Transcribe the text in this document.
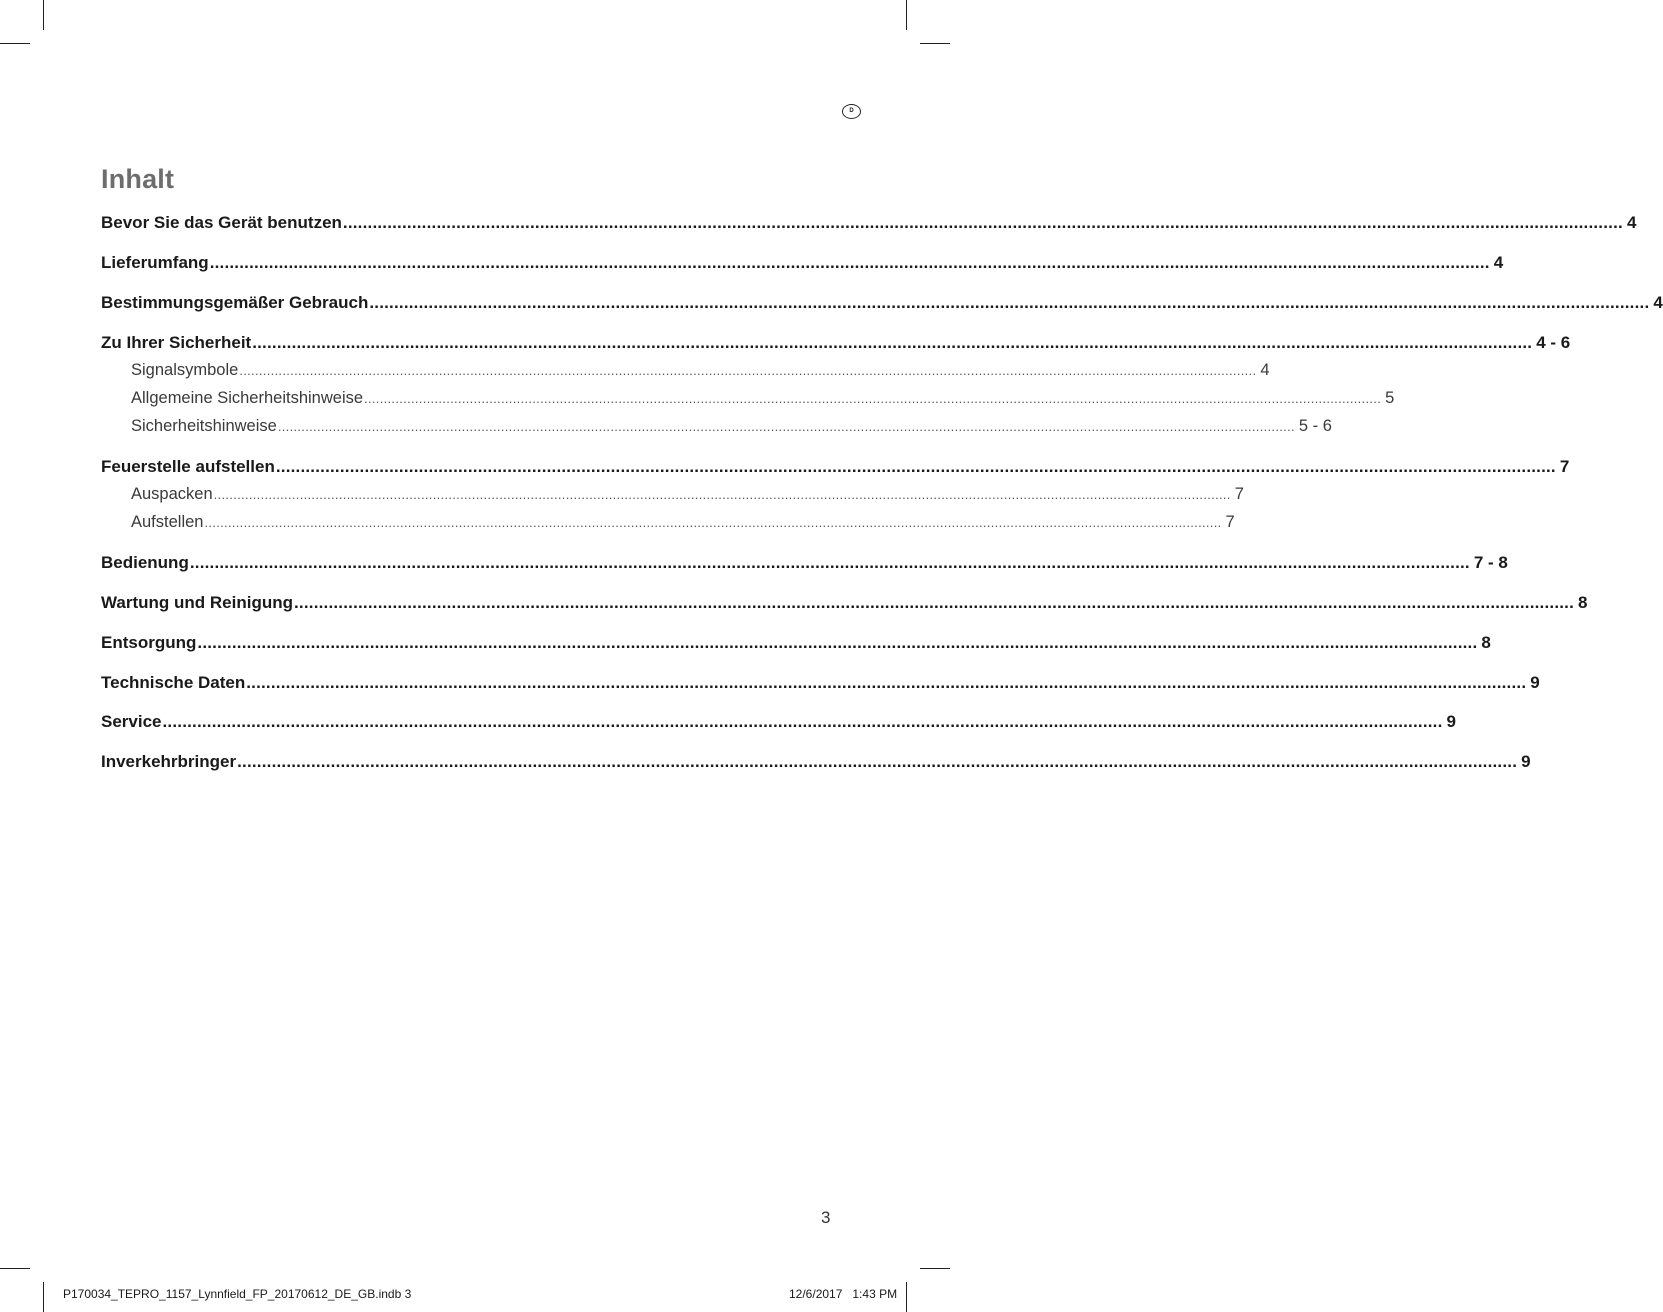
D
Inhalt
Bevor Sie das Gerät benutzen .................................................................................................................................................................................................................................................................... 4
Lieferumfang .................................................................................................................................................................................................................................................................... 4
Bestimmungsgemäßer Gebrauch .................................................................................................................................................................................................................................................................... 4
Zu Ihrer Sicherheit .................................................................................................................................................................................................................................................................... 4 - 6
Signalsymbole .................................................................................................................................................................................................................................................................... 4
Allgemeine Sicherheitshinweise .................................................................................................................................................................................................................................................................... 5
Sicherheitshinweise .................................................................................................................................................................................................................................................................... 5 - 6
Feuerstelle aufstellen .................................................................................................................................................................................................................................................................... 7
Auspacken .................................................................................................................................................................................................................................................................... 7
Aufstellen .................................................................................................................................................................................................................................................................... 7
Bedienung .................................................................................................................................................................................................................................................................... 7 - 8
Wartung und Reinigung .................................................................................................................................................................................................................................................................... 8
Entsorgung .................................................................................................................................................................................................................................................................... 8
Technische Daten .................................................................................................................................................................................................................................................................... 9
Service .................................................................................................................................................................................................................................................................... 9
Inverkehrbringer .................................................................................................................................................................................................................................................................... 9
3
P170034_TEPRO_1157_Lynnfield_FP_20170612_DE_GB.indb 3	12/6/2017   1:43 PM
